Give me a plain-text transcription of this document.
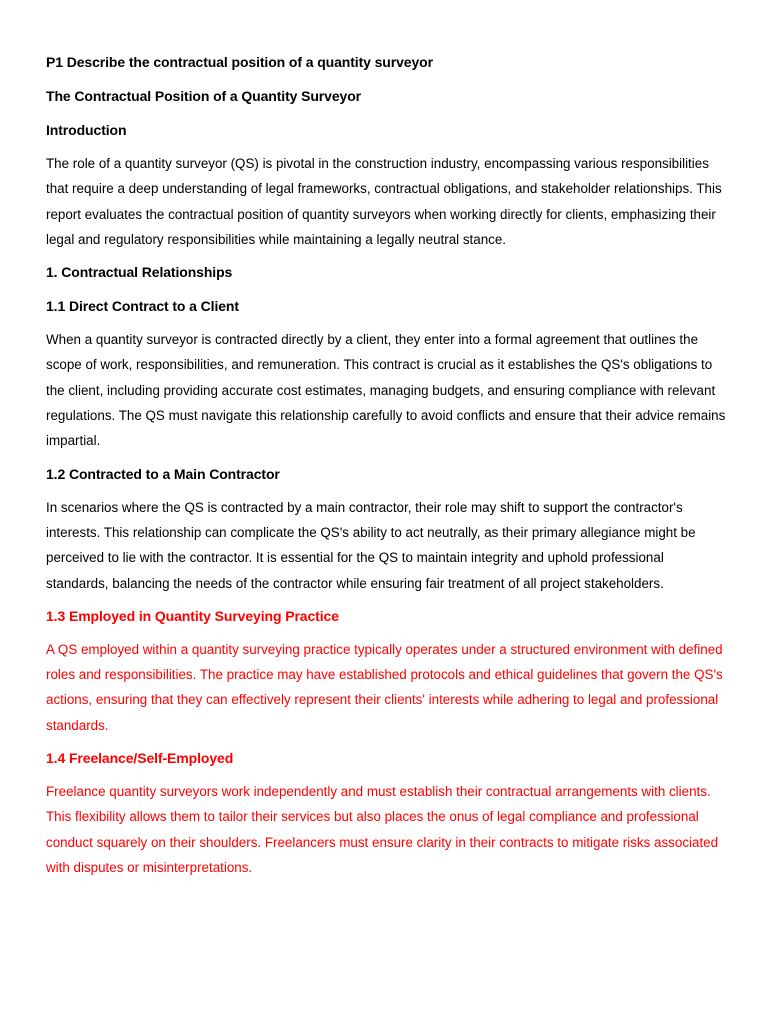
P1 Describe the contractual position of a quantity surveyor

The Contractual Position of a Quantity Surveyor

Introduction

The role of a quantity surveyor (QS) is pivotal in the construction industry, encompassing various responsibilities that require a deep understanding of legal frameworks, contractual obligations, and stakeholder relationships. This report evaluates the contractual position of quantity surveyors when working directly for clients, emphasizing their legal and regulatory responsibilities while maintaining a legally neutral stance.

1. Contractual Relationships

1.1 Direct Contract to a Client

When a quantity surveyor is contracted directly by a client, they enter into a formal agreement that outlines the scope of work, responsibilities, and remuneration. This contract is crucial as it establishes the QS's obligations to the client, including providing accurate cost estimates, managing budgets, and ensuring compliance with relevant regulations. The QS must navigate this relationship carefully to avoid conflicts and ensure that their advice remains impartial.

1.2 Contracted to a Main Contractor

In scenarios where the QS is contracted by a main contractor, their role may shift to support the contractor's interests. This relationship can complicate the QS's ability to act neutrally, as their primary allegiance might be perceived to lie with the contractor. It is essential for the QS to maintain integrity and uphold professional standards, balancing the needs of the contractor while ensuring fair treatment of all project stakeholders.

1.3 Employed in Quantity Surveying Practice

A QS employed within a quantity surveying practice typically operates under a structured environment with defined roles and responsibilities. The practice may have established protocols and ethical guidelines that govern the QS's actions, ensuring that they can effectively represent their clients' interests while adhering to legal and professional standards.

1.4 Freelance/Self-Employed

Freelance quantity surveyors work independently and must establish their contractual arrangements with clients. This flexibility allows them to tailor their services but also places the onus of legal compliance and professional conduct squarely on their shoulders. Freelancers must ensure clarity in their contracts to mitigate risks associated with disputes or misinterpretations.
